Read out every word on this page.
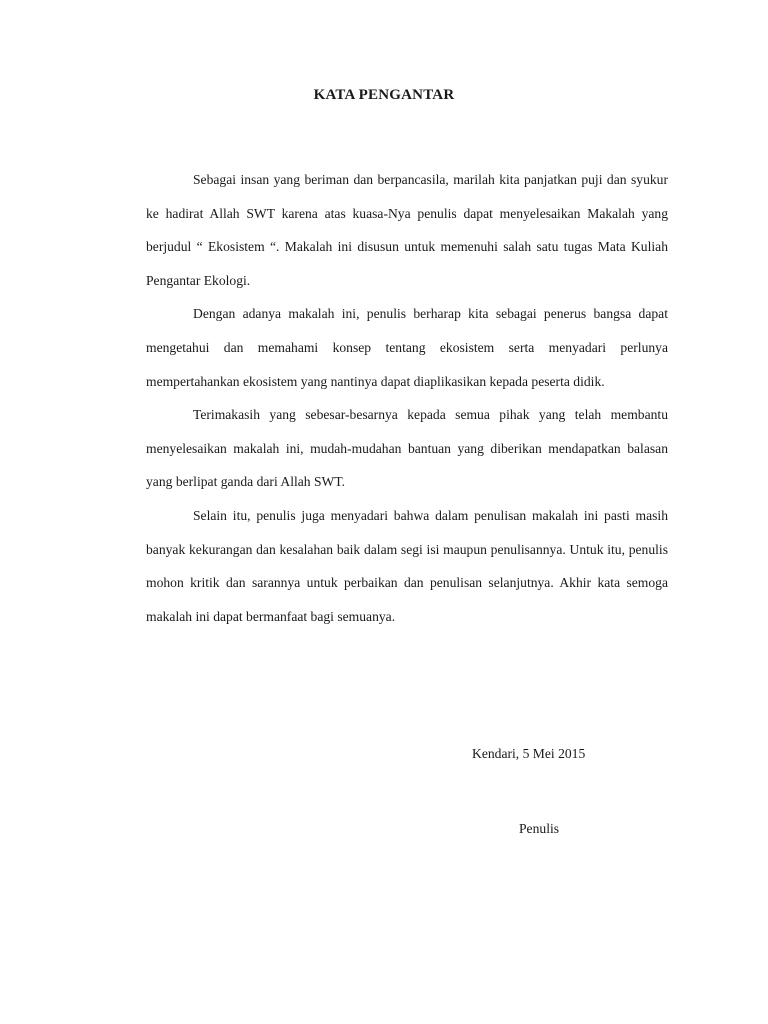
KATA PENGANTAR

Sebagai insan yang beriman dan berpancasila, marilah kita panjatkan puji dan syukur ke hadirat Allah SWT karena atas kuasa-Nya penulis dapat menyelesaikan Makalah yang berjudul “ Ekosistem “. Makalah ini disusun untuk memenuhi salah satu tugas Mata Kuliah Pengantar Ekologi.

Dengan adanya makalah ini, penulis berharap kita sebagai penerus bangsa dapat mengetahui dan memahami konsep tentang ekosistem serta menyadari perlunya mempertahankan ekosistem yang nantinya dapat diaplikasikan kepada peserta didik.

Terimakasih yang sebesar-besarnya kepada semua pihak yang telah membantu menyelesaikan makalah ini, mudah-mudahan bantuan yang diberikan mendapatkan balasan yang berlipat ganda dari Allah SWT.

Selain itu, penulis juga menyadari bahwa dalam penulisan makalah ini pasti masih banyak kekurangan dan kesalahan baik dalam segi isi maupun penulisannya. Untuk itu, penulis mohon kritik dan sarannya untuk perbaikan dan penulisan selanjutnya. Akhir kata semoga makalah ini dapat bermanfaat bagi semuanya.

Kendari, 5 Mei 2015

Penulis
